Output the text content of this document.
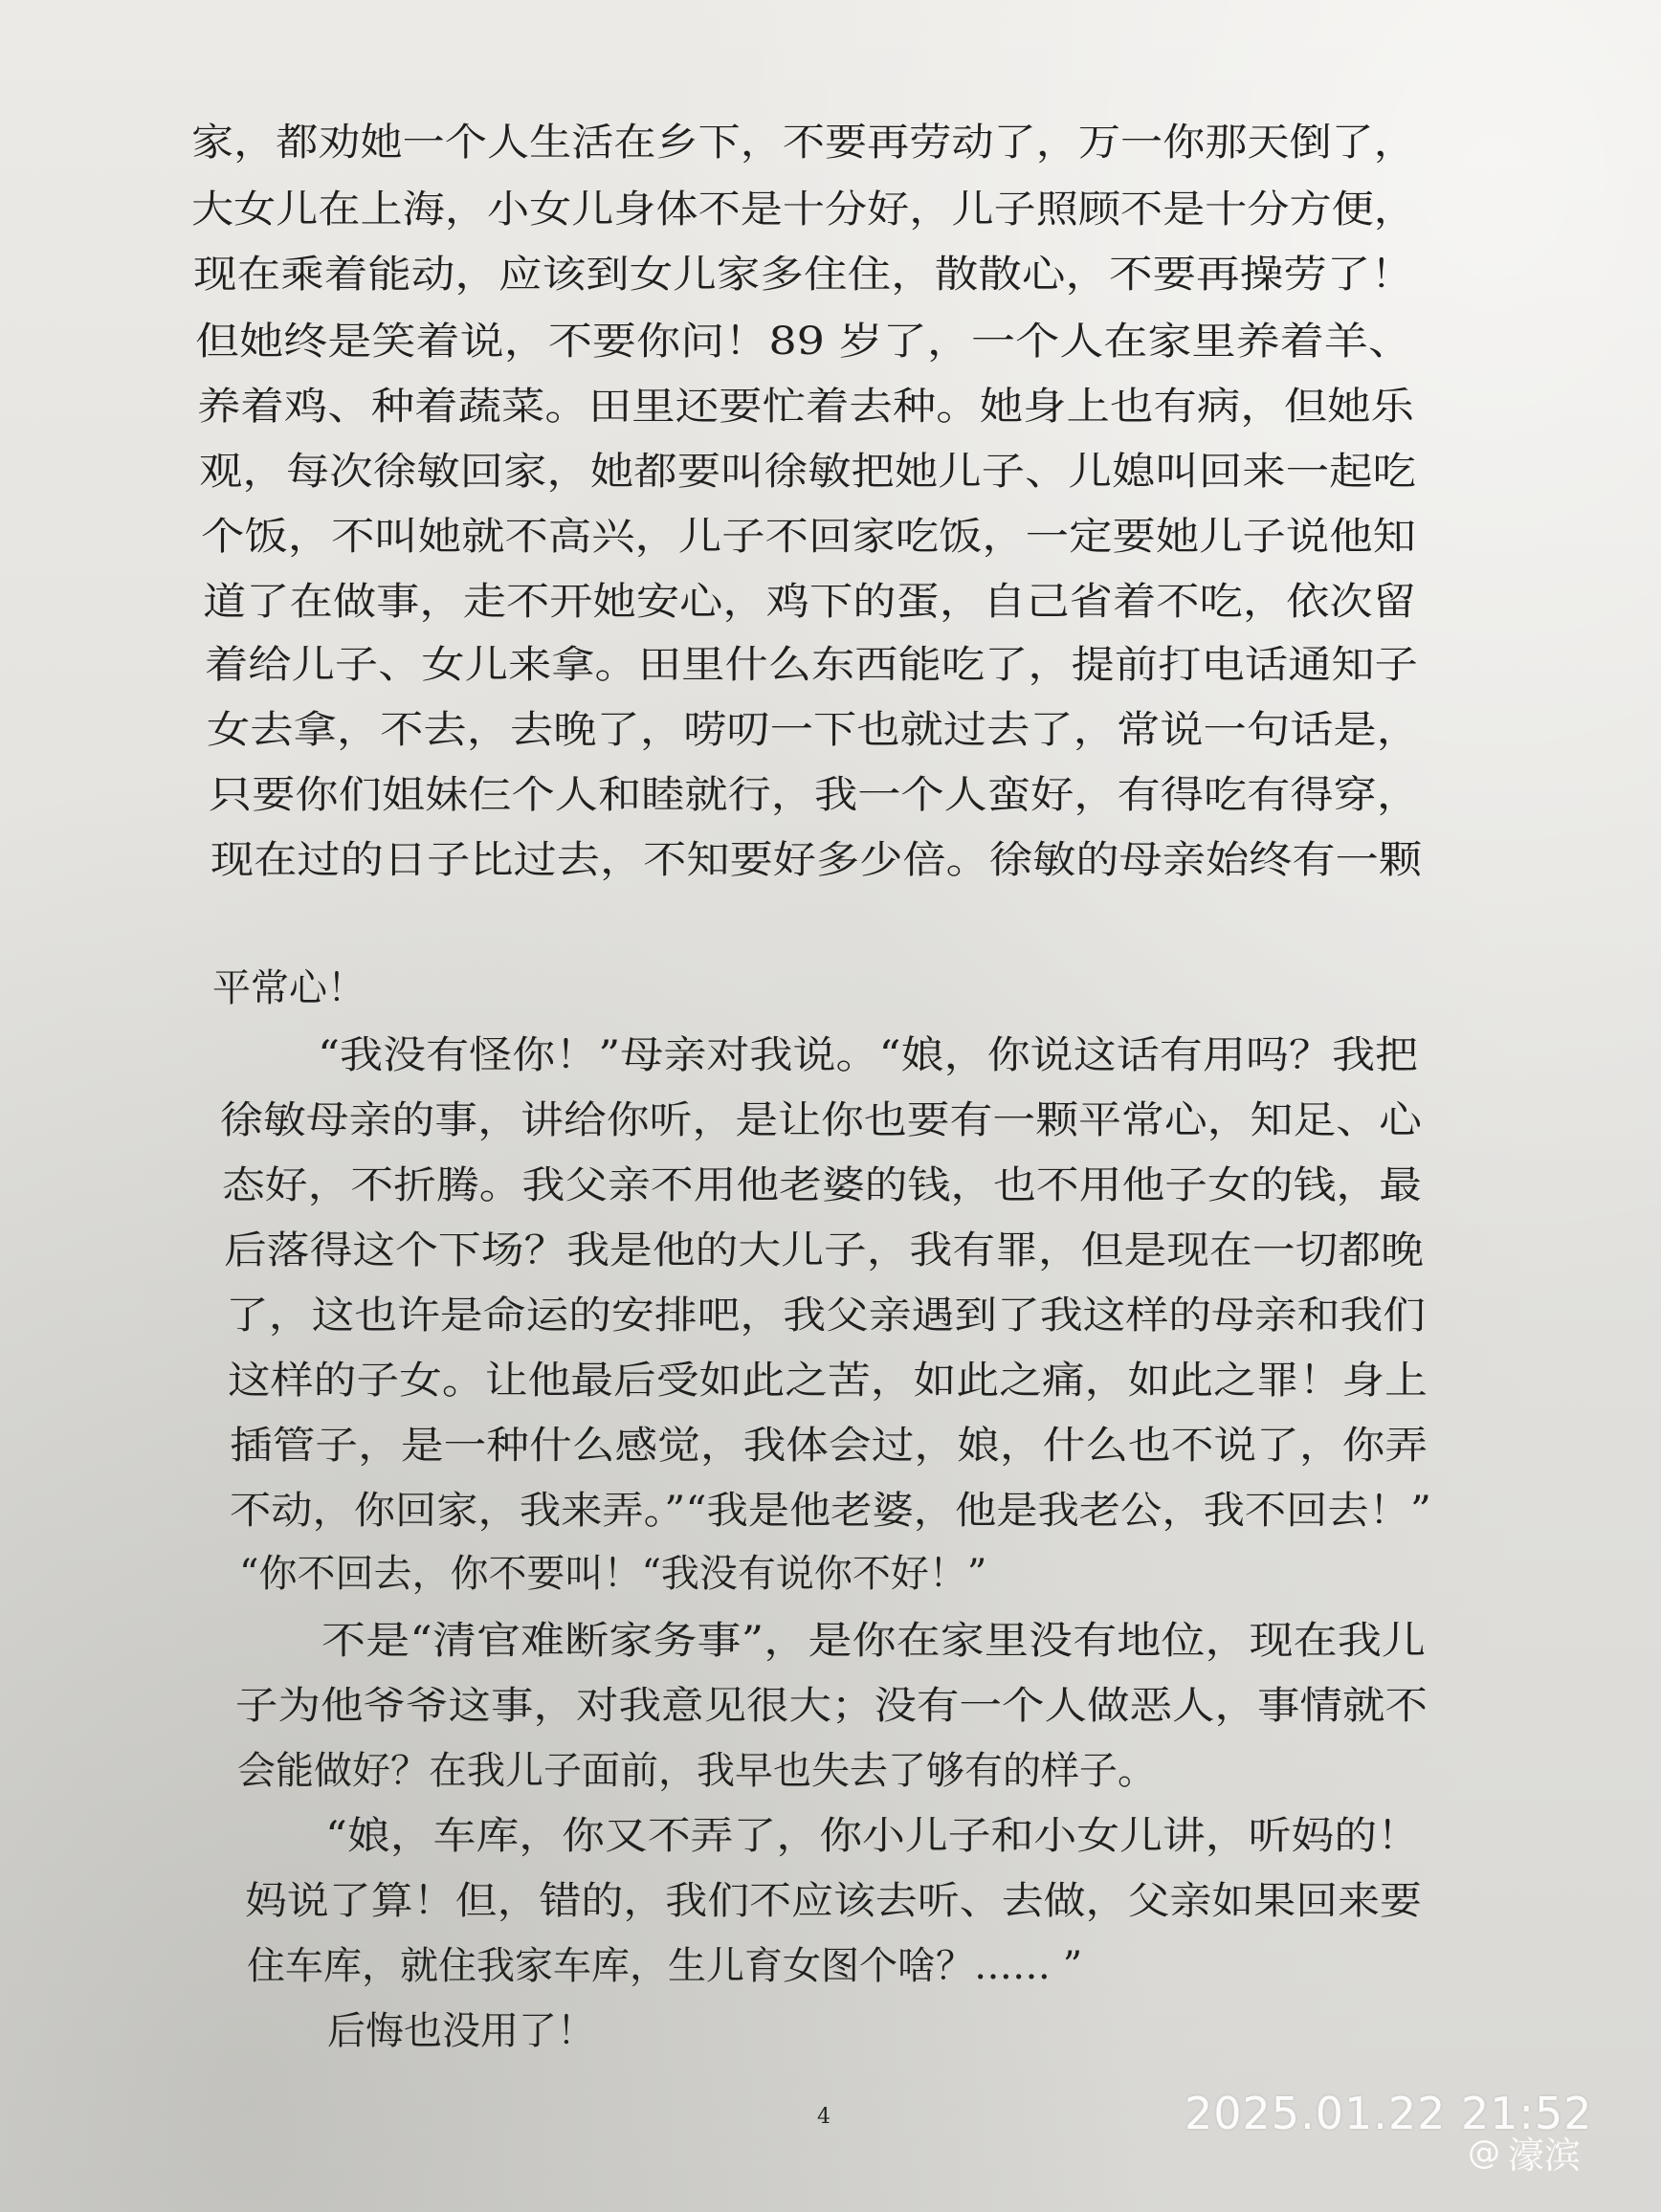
家，都劝她一个人生活在乡下，不要再劳动了，万一你那天倒了，
大女儿在上海，小女儿身体不是十分好，儿子照顾不是十分方便，
现在乘着能动，应该到女儿家多住住，散散心，不要再操劳了！
但她终是笑着说，不要你问！89 岁了，一个人在家里养着羊、
养着鸡、种着蔬菜。田里还要忙着去种。她身上也有病，但她乐
观，每次徐敏回家，她都要叫徐敏把她儿子、儿媳叫回来一起吃
个饭，不叫她就不高兴，儿子不回家吃饭，一定要她儿子说他知
道了在做事，走不开她安心，鸡下的蛋，自己省着不吃，依次留
着给儿子、女儿来拿。田里什么东西能吃了，提前打电话通知子
女去拿，不去，去晚了，唠叨一下也就过去了，常说一句话是，
只要你们姐妹仨个人和睦就行，我一个人蛮好，有得吃有得穿，
现在过的日子比过去，不知要好多少倍。徐敏的母亲始终有一颗
平常心！
“我没有怪你！”母亲对我说。“娘，你说这话有用吗？我把
徐敏母亲的事，讲给你听，是让你也要有一颗平常心，知足、心
态好，不折腾。我父亲不用他老婆的钱，也不用他子女的钱，最
后落得这个下场？我是他的大儿子，我有罪，但是现在一切都晚
了，这也许是命运的安排吧，我父亲遇到了我这样的母亲和我们
这样的子女。让他最后受如此之苦，如此之痛，如此之罪！身上
插管子，是一种什么感觉，我体会过，娘，什么也不说了，你弄
不动，你回家，我来弄。”“我是他老婆，他是我老公，我不回去！”
“你不回去，你不要叫！“我没有说你不好！”
不是“清官难断家务事”，是你在家里没有地位，现在我儿
子为他爷爷这事，对我意见很大；没有一个人做恶人，事情就不
会能做好？在我儿子面前，我早也失去了够有的样子。
“娘，车库，你又不弄了，你小儿子和小女儿讲，听妈的！
妈说了算！但，错的，我们不应该去听、去做，父亲如果回来要
住车库，就住我家车库，生儿育女图个啥？…… ”
后悔也没用了！
4	2025.01.22 21:52
@ 濠滨
